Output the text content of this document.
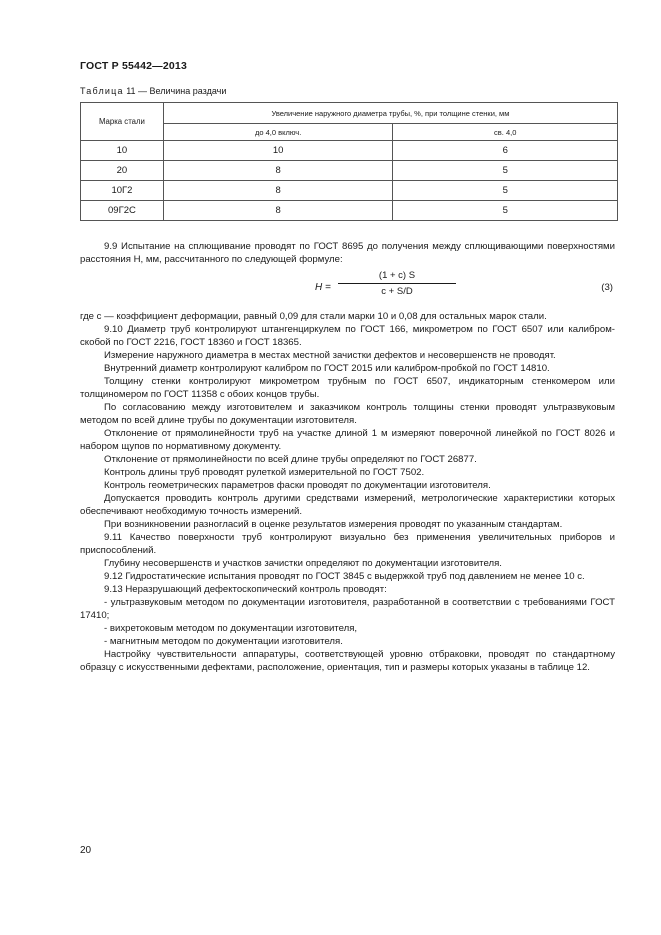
ГОСТ Р 55442—2013
Таблица 11 — Величина раздачи
Марка стали	Увеличение наружного диаметра трубы, %, при толщине стенки, мм	
	до 4,0 включ.	св. 4,0
10	10	6
20	8	5
10Г2	8	5
09Г2С	8	5

9.9 Испытание на сплющивание проводят по ГОСТ 8695 до получения между сплющивающими поверхностями расстояния H, мм, рассчитанного по следующей формуле:

$H = \frac{(1 + c) S}{c + S/D}$	(3)

где c — коэффициент деформации, равный 0,09 для стали марки 10 и 0,08 для остальных марок стали.

9.10 Диаметр труб контролируют штангенциркулем по ГОСТ 166, микрометром по ГОСТ 6507 или калибром-скобой по ГОСТ 2216, ГОСТ 18360 и ГОСТ 18365.

Измерение наружного диаметра в местах местной зачистки дефектов и несовершенств не проводят.

Внутренний диаметр контролируют калибром по ГОСТ 2015 или калибром-пробкой по ГОСТ 14810.

Толщину стенки контролируют микрометром трубным по ГОСТ 6507, индикаторным стенкомером или толщиномером по ГОСТ 11358 с обоих концов трубы.

По согласованию между изготовителем и заказчиком контроль толщины стенки проводят ультразвуковым методом по всей длине трубы по документации изготовителя.

Отклонение от прямолинейности труб на участке длиной 1 м измеряют поверочной линейкой по ГОСТ 8026 и набором щупов по нормативному документу.

Отклонение от прямолинейности по всей длине трубы определяют по ГОСТ 26877.

Контроль длины труб проводят рулеткой измерительной по ГОСТ 7502.

Контроль геометрических параметров фаски проводят по документации изготовителя.

Допускается проводить контроль другими средствами измерений, метрологические характеристики которых обеспечивают необходимую точность измерений.

При возникновении разногласий в оценке результатов измерения проводят по указанным стандартам.

9.11 Качество поверхности труб контролируют визуально без применения увеличительных приборов и приспособлений.

Глубину несовершенств и участков зачистки определяют по документации изготовителя.

9.12 Гидростатические испытания проводят по ГОСТ 3845 с выдержкой труб под давлением не менее 10 с.

9.13 Неразрушающий дефектоскопический контроль проводят:

- ультразвуковым методом по документации изготовителя, разработанной в соответствии с требованиями ГОСТ 17410;

- вихретоковым методом по документации изготовителя,

- магнитным методом по документации изготовителя.

Настройку чувствительности аппаратуры, соответствующей уровню отбраковки, проводят по стандартному образцу с искусственными дефектами, расположение, ориентация, тип и размеры которых указаны в таблице 12.

20
